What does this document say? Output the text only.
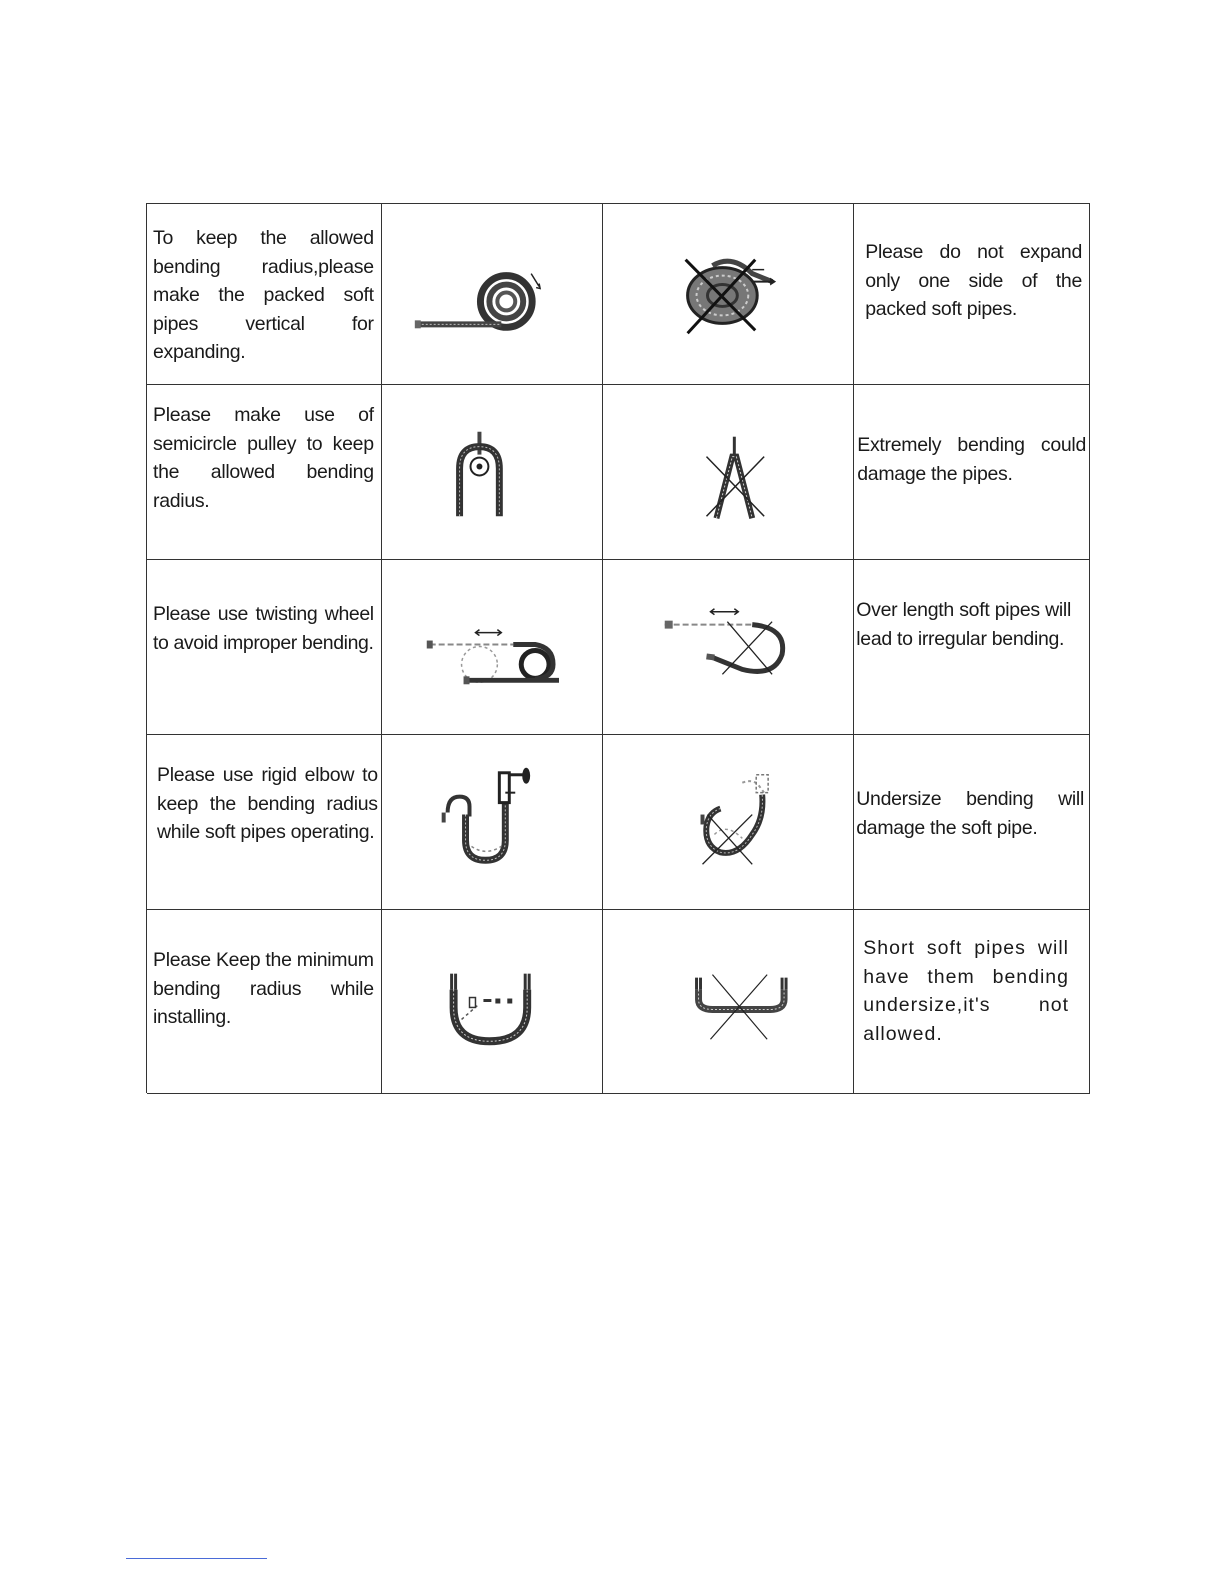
To keep the allowed bending radius,please make the packed soft pipes vertical for expanding.
Please do not expand only one side of the packed soft pipes.
Please make use of semicircle pulley to keep the allowed bending radius.
Extremely bending could damage the pipes.
Please use twisting wheel to avoid improper bending.
Over length soft pipes will lead to irregular bending.
Please use rigid elbow to keep the bending radius while soft pipes operating.
Undersize bending will damage the soft pipe.
Please Keep the minimum bending radius while installing.
Short soft pipes will have them bending undersize,it's not allowed.
